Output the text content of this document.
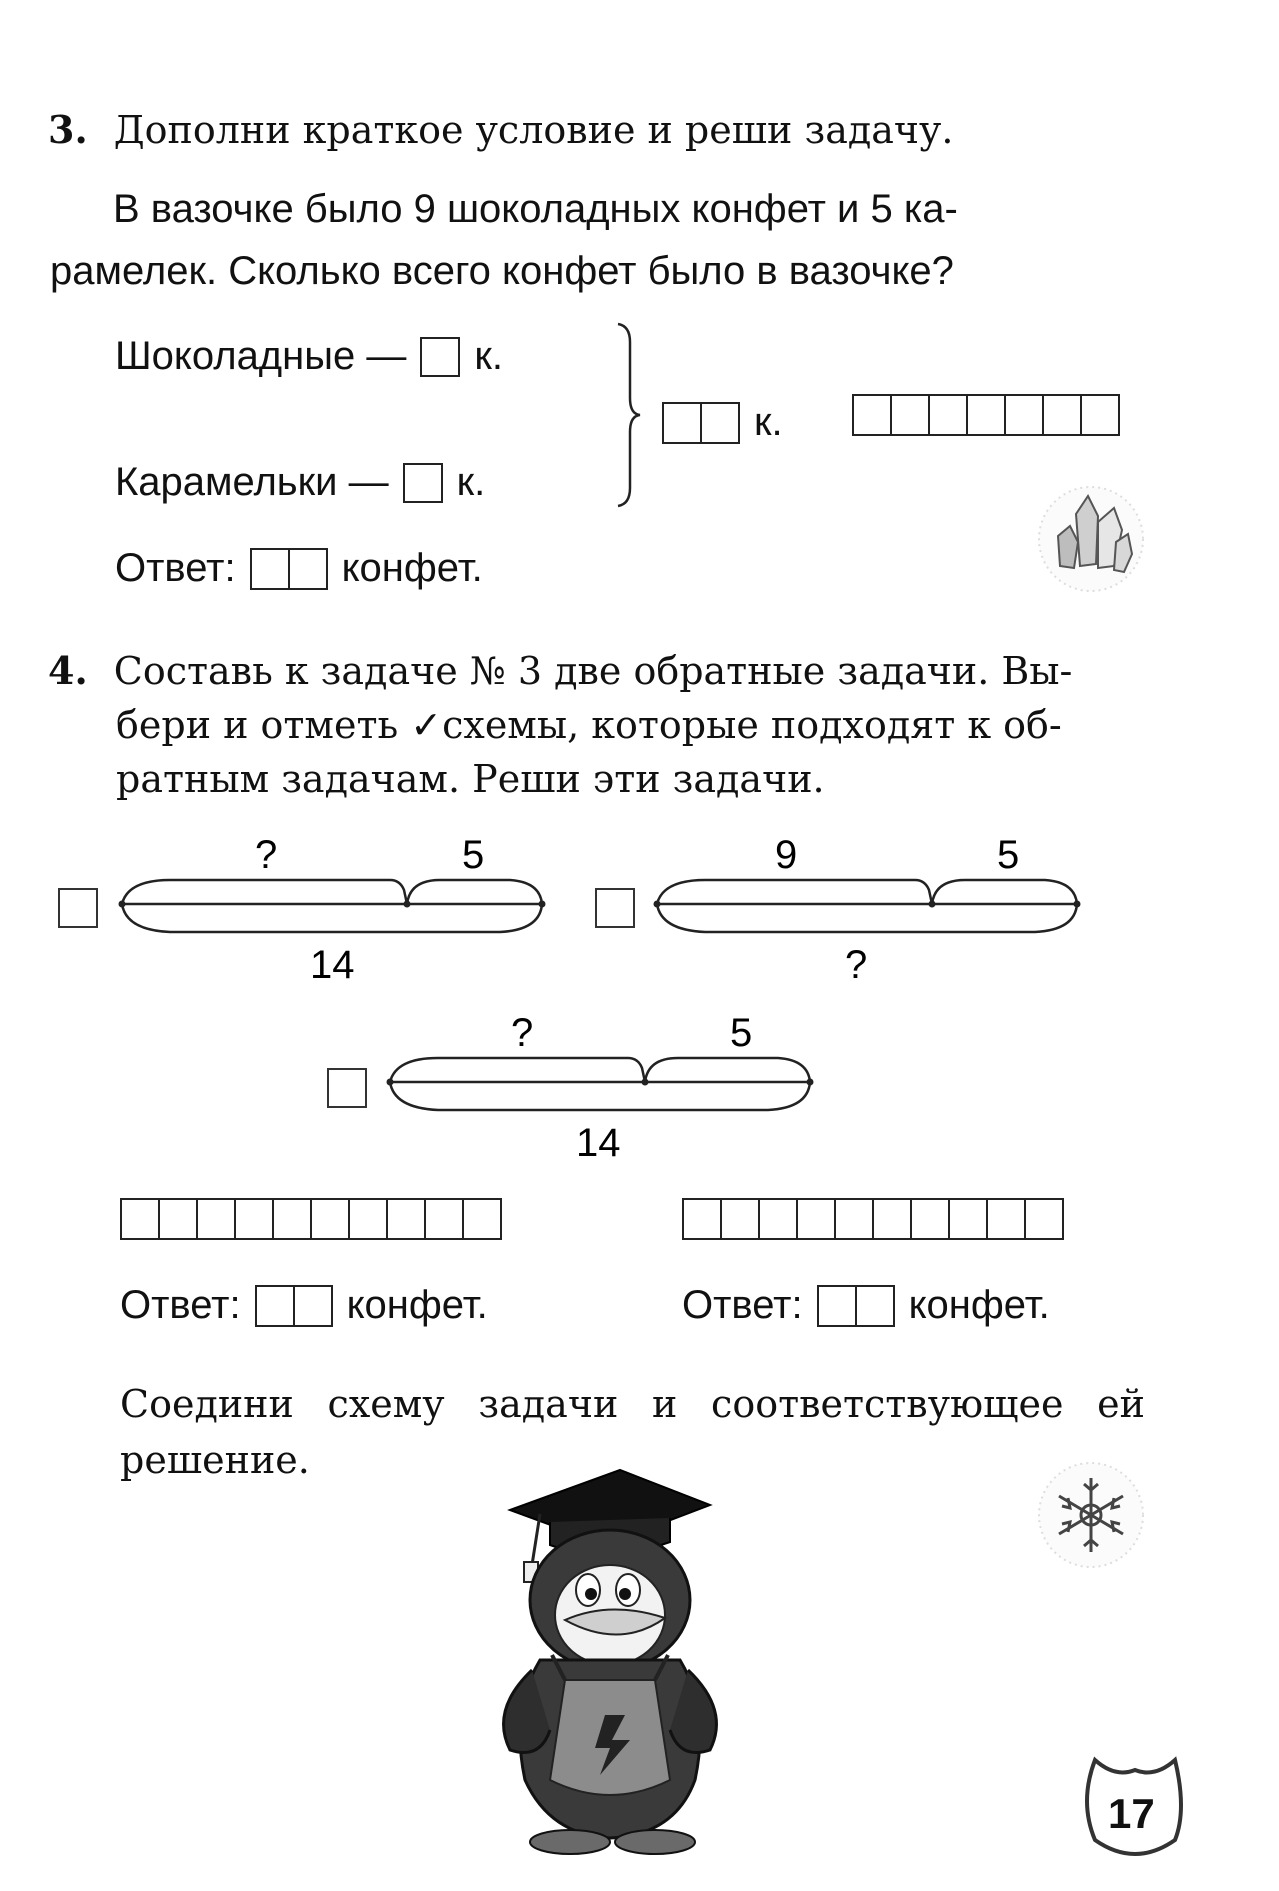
3. Дополни краткое условие и реши задачу.
В вазочке было 9 шоколадных конфет и 5 ка-
рамелек. Сколько всего конфет было в вазочке?
Шоколадные — к.
Карамельки — к.
к.
Ответ:	конфет.
4. Составь к задаче № 3 две обратные задачи. Вы-
бери и отметь ✓схемы, которые подходят к об-
ратным задачам. Реши эти задачи.
?	5
14
9	5
?
?	5
14
Ответ:	конфет.	Ответ:	конфет.
Соедини схему задачи и соответствующее ей
решение.
17
